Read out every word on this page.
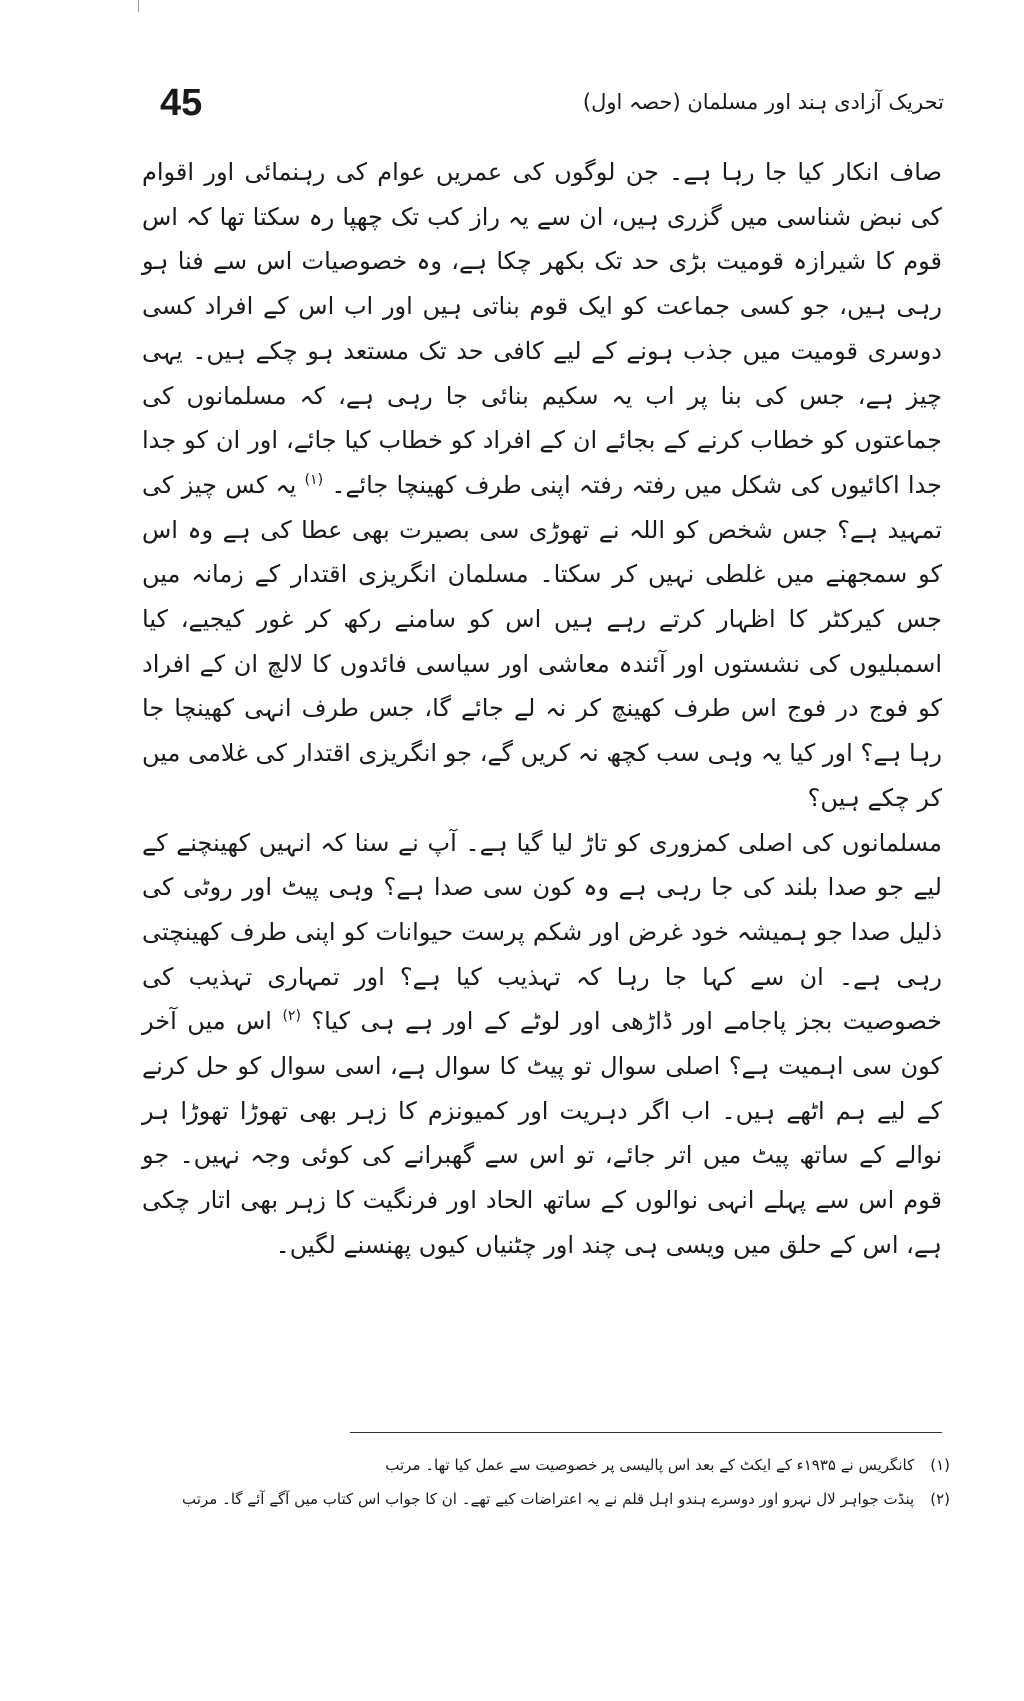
45	تحریک آزادی ہند اور مسلمان (حصہ اول)

صاف انکار کیا جا رہا ہے۔ جن لوگوں کی عمریں عوام کی رہنمائی اور اقوام کی نبض شناسی میں گزری ہیں، ان سے یہ راز کب تک چھپا رہ سکتا تھا کہ اس قوم کا شیرازہ قومیت بڑی حد تک بکھر چکا ہے، وہ خصوصیات اس سے فنا ہو رہی ہیں، جو کسی جماعت کو ایک قوم بناتی ہیں اور اب اس کے افراد کسی دوسری قومیت میں جذب ہونے کے لیے کافی حد تک مستعد ہو چکے ہیں۔ یہی چیز ہے، جس کی بنا پر اب یہ سکیم بنائی جا رہی ہے، کہ مسلمانوں کی جماعتوں کو خطاب کرنے کے بجائے ان کے افراد کو خطاب کیا جائے، اور ان کو جدا جدا اکائیوں کی شکل میں رفتہ رفتہ اپنی طرف کھینچا جائے۔ $^{(۱)}$ یہ کس چیز کی تمہید ہے؟ جس شخص کو اللہ نے تھوڑی سی بصیرت بھی عطا کی ہے وہ اس کو سمجھنے میں غلطی نہیں کر سکتا۔ مسلمان انگریزی اقتدار کے زمانہ میں جس کیرکٹر کا اظہار کرتے رہے ہیں اس کو سامنے رکھ کر غور کیجیے، کیا اسمبلیوں کی نشستوں اور آئندہ معاشی اور سیاسی فائدوں کا لالچ ان کے افراد کو فوج در فوج اس طرف کھینچ کر نہ لے جائے گا، جس طرف انہی کھینچا جا رہا ہے؟ اور کیا یہ وہی سب کچھ نہ کریں گے، جو انگریزی اقتدار کی غلامی میں کر چکے ہیں؟

مسلمانوں کی اصلی کمزوری کو تاڑ لیا گیا ہے۔ آپ نے سنا کہ انہیں کھینچنے کے لیے جو صدا بلند کی جا رہی ہے وہ کون سی صدا ہے؟ وہی پیٹ اور روٹی کی ذلیل صدا جو ہمیشہ خود غرض اور شکم پرست حیوانات کو اپنی طرف کھینچتی رہی ہے۔ ان سے کہا جا رہا کہ تہذیب کیا ہے؟ اور تمہاری تہذیب کی خصوصیت بجز پاجامے اور ڈاڑھی اور لوٹے کے اور ہے ہی کیا؟ $^{(۲)}$ اس میں آخر کون سی اہمیت ہے؟ اصلی سوال تو پیٹ کا سوال ہے، اسی سوال کو حل کرنے کے لیے ہم اٹھے ہیں۔ اب اگر دہریت اور کمیونزم کا زہر بھی تھوڑا تھوڑا ہر نوالے کے ساتھ پیٹ میں اتر جائے، تو اس سے گھبرانے کی کوئی وجہ نہیں۔ جو قوم اس سے پہلے انہی نوالوں کے ساتھ الحاد اور فرنگیت کا زہر بھی اتار چکی ہے، اس کے حلق میں ویسی ہی چند اور چٹنیاں کیوں پھنسنے لگیں۔

(۱)کانگریس نے ۱۹۳۵ء کے ایکٹ کے بعد اس پالیسی پر خصوصیت سے عمل کیا تھا۔ مرتب
(۲)پنڈت جواہر لال نہرو اور دوسرے ہندو اہل قلم نے یہ اعتراضات کیے تھے۔ ان کا جواب اس کتاب میں آگے آئے گا۔ مرتب
